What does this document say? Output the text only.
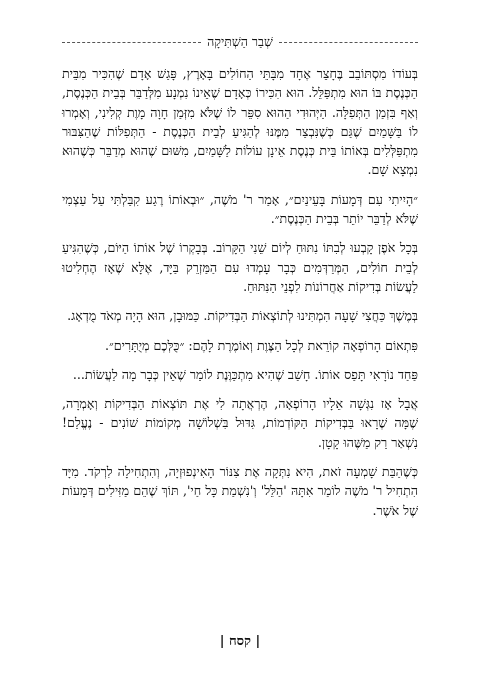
שְׁבַר הַשְׁתִּיקָה

בְּעוֹדוֹ מִסְתּוֹבֵב בֶּחָצֵר אֶחָד מִבָּתֵּי הַחוֹלִים בָּאָרֶץ, פָּגַשׁ אָדָם שֶׁהִכִּיר מִבֵּית הַכְּנֶסֶת בּוֹ הוּא מִתְפַּלֵּל. הוּא הִכִּירוֹ כְּאָדָם שֶׁאֵינוֹ נִמְנָע מִלְּדַבֵּר בְּבֵית הַכְּנֶסֶת, וְאַף בִּזְמַן הַתְּפִלָּה. הַיְּהוּדִי הַהוּא סִפֵּר לוֹ שֶׁלֹּא מִזְּמַן חָוָה מָוֶת קְלִינִי, וְאָמְרוּ לוֹ בַּשָּׁמַיִם שֶׁגַּם כְּשֶׁנִּבְצַר מִמֶּנּוּ לְהַגִּיעַ לְבֵית הַכְּנֶסֶת - הַתְּפִלּוֹת שֶׁהַצִּבּוּר מִתְפַּלְּלִים בְּאוֹתוֹ בֵּית כְּנֶסֶת אֵינָן עוֹלוֹת לַשָּׁמַיִם, מִשּׁוּם שֶׁהוּא מְדַבֵּר כְּשֶׁהוּא נִמְצָא שָׁם.

״הָיִיתִי עִם דְּמָעוֹת בָּעֵינַיִם״, אָמַר ר' מֹשֶׁה, ״וּבְאוֹתוֹ רֶגַע קִבַּלְתִּי עַל עַצְמִי שֶׁלֹּא לְדַבֵּר יוֹתֵר בְּבֵית הַכְּנֶסֶת״.

בְּכָל אֹפֶן קָבְעוּ לְבִתּוֹ נִתּוּחַ לְיוֹם שֵׁנִי הַקָּרוֹב. בְּבָקְרוֹ שֶׁל אוֹתוֹ הַיּוֹם, כְּשֶׁהִגִּיעַ לְבֵית חוֹלִים, הַמְּרַדְּמִים כְּבָר עָמְדוּ עִם הַמַּזְרֵק בַּיָּד, אֶלָּא שֶׁאָז הֶחְלִיטוּ לַעֲשׂוֹת בְּדִיקוֹת אַחֲרוֹנוֹת לִפְנֵי הַנִּתּוּחַ.

בְּמֶשֶׁךְ כַּחֲצִי שָׁעָה הִמְתִּינוּ לְתוֹצְאוֹת הַבְּדִיקוֹת. כַּמּוּבָן, הוּא הָיָה מְאֹד מֻדְאָג.

פִּתְאוֹם הָרוֹפְאָה קוֹרֵאת לְכָל הַצֶּוֶת וְאוֹמֶרֶת לָהֶם: ״כֻּלְּכֶם מְיֻתָּרִים״.

פַּחַד נוֹרָאִי תָּפַס אוֹתוֹ. חָשַׁב שֶׁהִיא מִתְכַּוֶּנֶת לוֹמַר שֶׁאֵין כְּבָר מָה לַעֲשׂוֹת...

אֲבָל אָז נִגְּשָׁה אֵלָיו הָרוֹפְאָה, הֶרְאֲתָה לִי אֶת תּוֹצְאוֹת הַבְּדִיקוֹת וְאָמְרָה, שֶׁמָּה שֶׁרָאוּ בַּבְּדִיקוֹת הַקּוֹדְמוֹת, גִּדּוּל בִּשְׁלוֹשָׁה מְקוֹמוֹת שׁוֹנִים - נֶעֱלַם! נִשְׁאַר רַק מַשֶּׁהוּ קָטָן.

כְּשֶׁהַבַּת שָׁמְעָה זֹאת, הִיא נִתְּקָה אֶת צִנּוֹר הָאִינְפוּזְיָה, וְהִתְחִילָה לִרְקֹד. מִיָּד הִתְחִיל ר' מֹשֶׁה לוֹמַר אִתָּהּ 'הַלֵּל' וְ'נִשְׁמַת כָּל חַי', תּוֹךְ שֶׁהֵם מַזִּילִים דְּמָעוֹת שֶׁל אֹשֶׁר.

| קסח |
